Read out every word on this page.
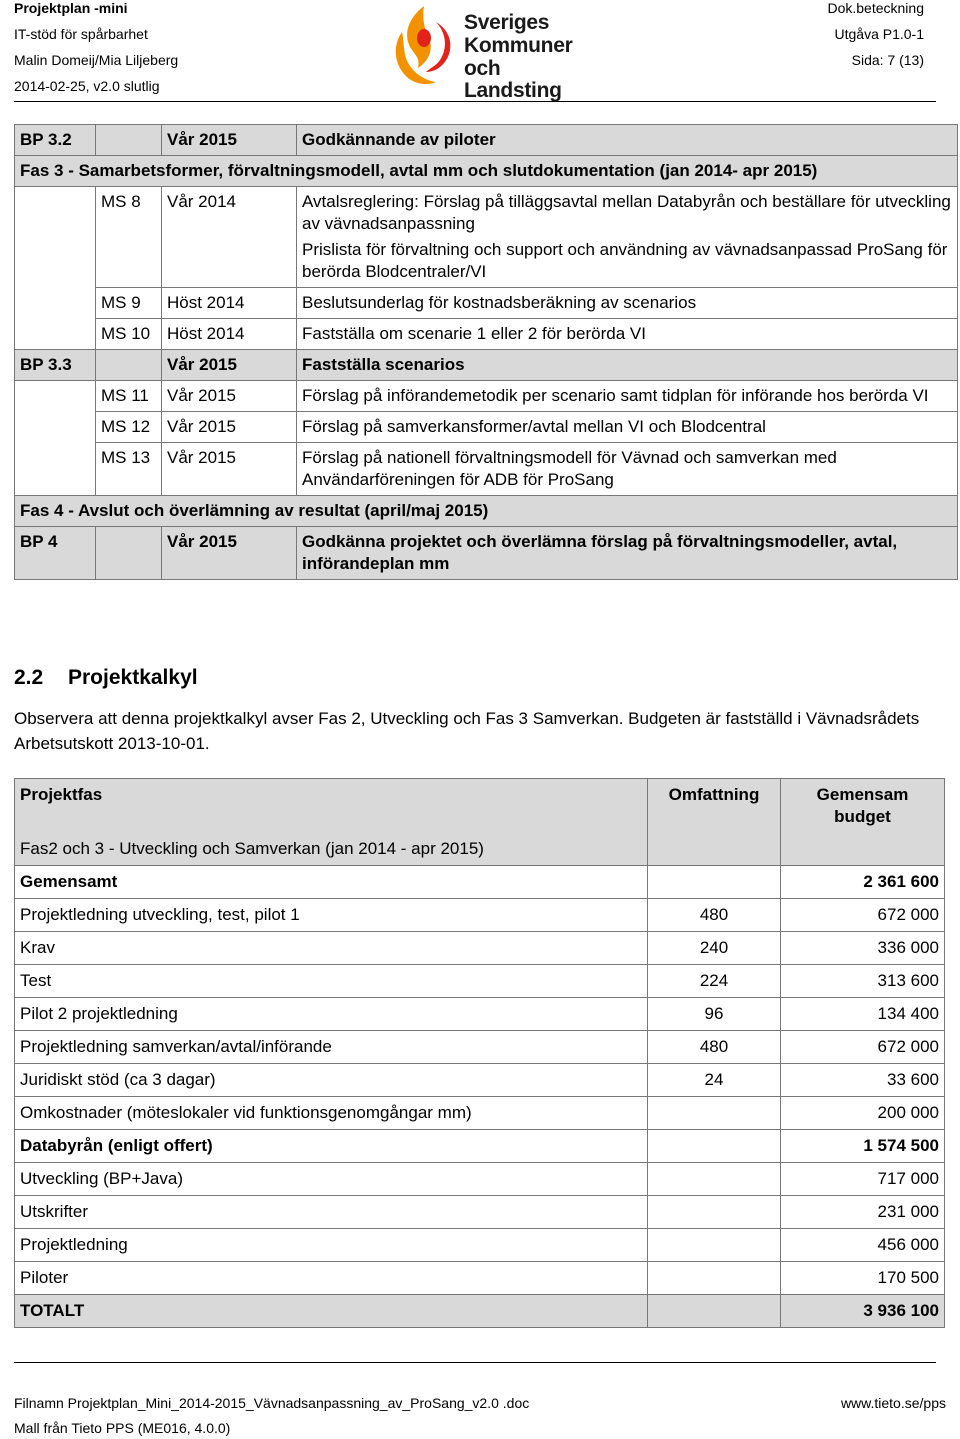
Projektplan -mini
IT-stöd för spårbarhet
Malin Domeij/Mia Liljeberg
2014-02-25, v2.0 slutlig
Dok.beteckning
Utgåva P1.0-1
Sida: 7 (13)
Sveriges
Kommuner
och Landsting
BP 3.2		Vår 2015	Godkännande av piloter
Fas 3 - Samarbetsformer, förvaltningsmodell, avtal mm och slutdokumentation (jan 2014- apr 2015)			
	MS 8	Vår 2014	Avtalsreglering: Förslag på tilläggsavtal mellan Databyrån och beställare för utveckling av vävnadsanpassning

Prislista för förvaltning och support och användning av vävnadsanpassad ProSang för berörda Blodcentraler/VI

	MS 9	Höst 2014	Beslutsunderlag för kostnadsberäkning av scenarios
	MS 10	Höst 2014	Fastställa om scenarie 1 eller 2 för berörda VI
BP 3.3		Vår 2015	Fastställa scenarios
	MS 11	Vår 2015	Förslag på införandemetodik per scenario samt tidplan för införande hos berörda VI
	MS 12	Vår 2015	Förslag på samverkansformer/avtal mellan VI och Blodcentral
	MS 13	Vår 2015	Förslag på nationell förvaltningsmodell för Vävnad och samverkan med Användarföreningen för ADB för ProSang
Fas 4 - Avslut och överlämning av resultat (april/maj 2015)			
BP 4		Vår 2015	Godkänna projektet och överlämna förslag på förvaltningsmodeller, avtal, införandeplan mm
2.2 Projektkalkyl
Observera att denna projektkalkyl avser Fas 2, Utveckling och Fas 3 Samverkan. Budgeten är fastställd i Vävnadsrådets Arbetsutskott 2013-10-01.
Projektfas	Omfattning	Gemensam budget
Fas2 och 3 - Utveckling och Samverkan (jan 2014 - apr 2015)		
Gemensamt		2 361 600
Projektledning utveckling, test, pilot 1	480	672 000
Krav	240	336 000
Test	224	313 600
Pilot 2 projektledning	96	134 400
Projektledning samverkan/avtal/införande	480	672 000
Juridiskt stöd (ca 3 dagar)	24	33 600
Omkostnader (möteslokaler vid funktionsgenomgångar mm)		200 000
Databyrån (enligt offert)		1 574 500
Utveckling (BP+Java)		717 000
Utskrifter		231 000
Projektledning		456 000
Piloter		170 500
TOTALT		3 936 100
Filnamn Projektplan_Mini_2014-2015_Vävnadsanpassning_av_ProSang_v2.0 .doc
Mall från Tieto PPS (ME016, 4.0.0)
www.tieto.se/pps
